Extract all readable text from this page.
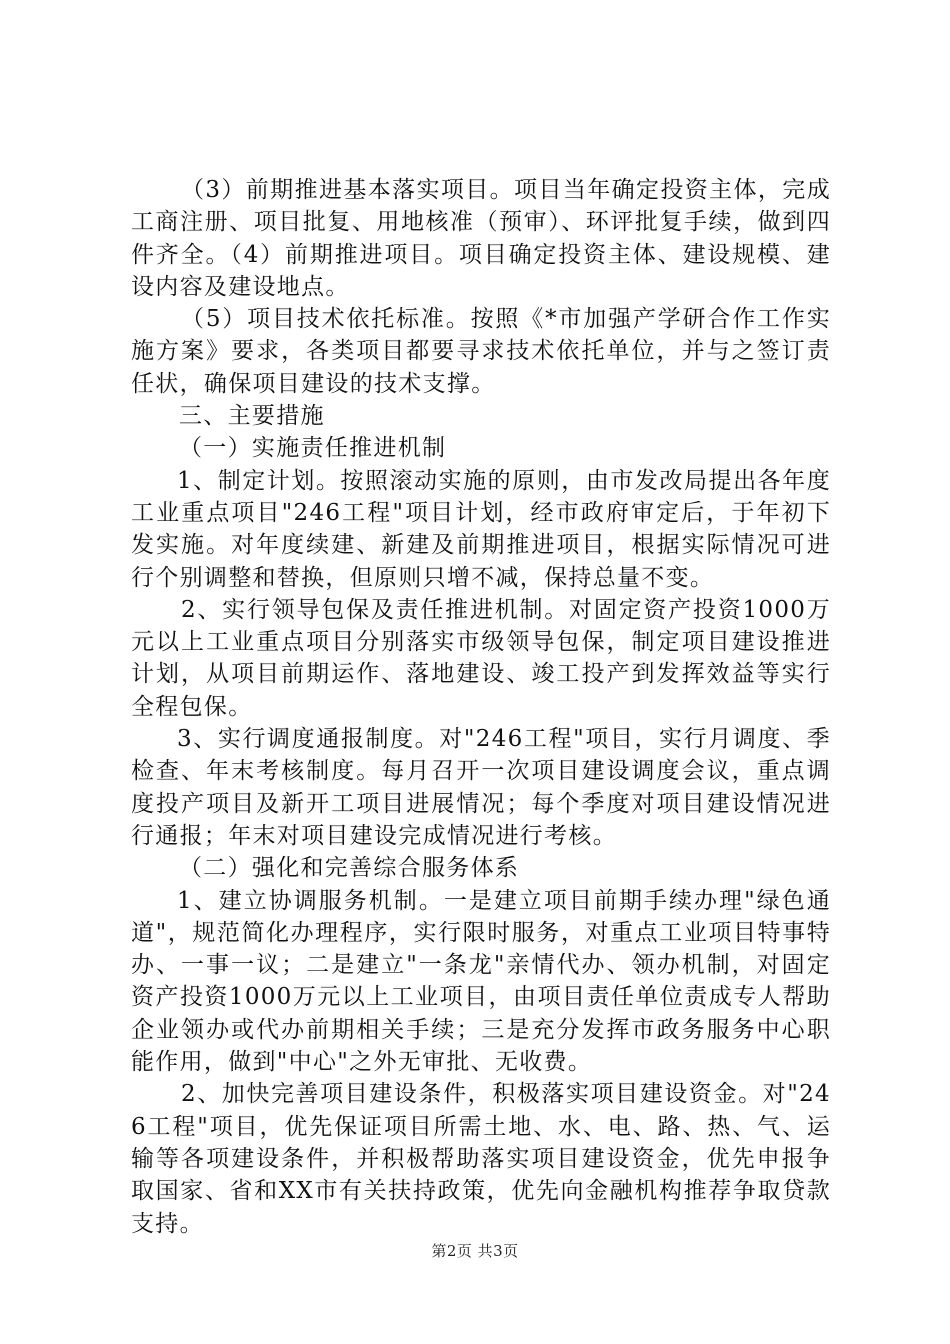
（3）前期推进基本落实项目。项目当年确定投资主体，完成工商注册、项目批复、用地核准（预审）、环评批复手续，做到四件齐全。（4）前期推进项目。项目确定投资主体、建设规模、建设内容及建设地点。

（5）项目技术依托标准。按照《*市加强产学研合作工作实施方案》要求，各类项目都要寻求技术依托单位，并与之签订责任状，确保项目建设的技术支撑。

三、主要措施

（一）实施责任推进机制

1、制定计划。按照滚动实施的原则，由市发改局提出各年度工业重点项目"246工程"项目计划，经市政府审定后，于年初下发实施。对年度续建、新建及前期推进项目，根据实际情况可进行个别调整和替换，但原则只增不减，保持总量不变。

2、实行领导包保及责任推进机制。对固定资产投资1000万元以上工业重点项目分别落实市级领导包保，制定项目建设推进计划，从项目前期运作、落地建设、竣工投产到发挥效益等实行全程包保。

3、实行调度通报制度。对"246工程"项目，实行月调度、季检查、年末考核制度。每月召开一次项目建设调度会议，重点调度投产项目及新开工项目进展情况；每个季度对项目建设情况进行通报；年末对项目建设完成情况进行考核。

（二）强化和完善综合服务体系

1、建立协调服务机制。一是建立项目前期手续办理"绿色通道"，规范简化办理程序，实行限时服务，对重点工业项目特事特办、一事一议；二是建立"一条龙"亲情代办、领办机制，对固定资产投资1000万元以上工业项目，由项目责任单位责成专人帮助企业领办或代办前期相关手续；三是充分发挥市政务服务中心职能作用，做到"中心"之外无审批、无收费。

2、加快完善项目建设条件，积极落实项目建设资金。对"246工程"项目，优先保证项目所需土地、水、电、路、热、气、运输等各项建设条件，并积极帮助落实项目建设资金，优先申报争取国家、省和XX市有关扶持政策，优先向金融机构推荐争取贷款支持。

第2页 共3页
